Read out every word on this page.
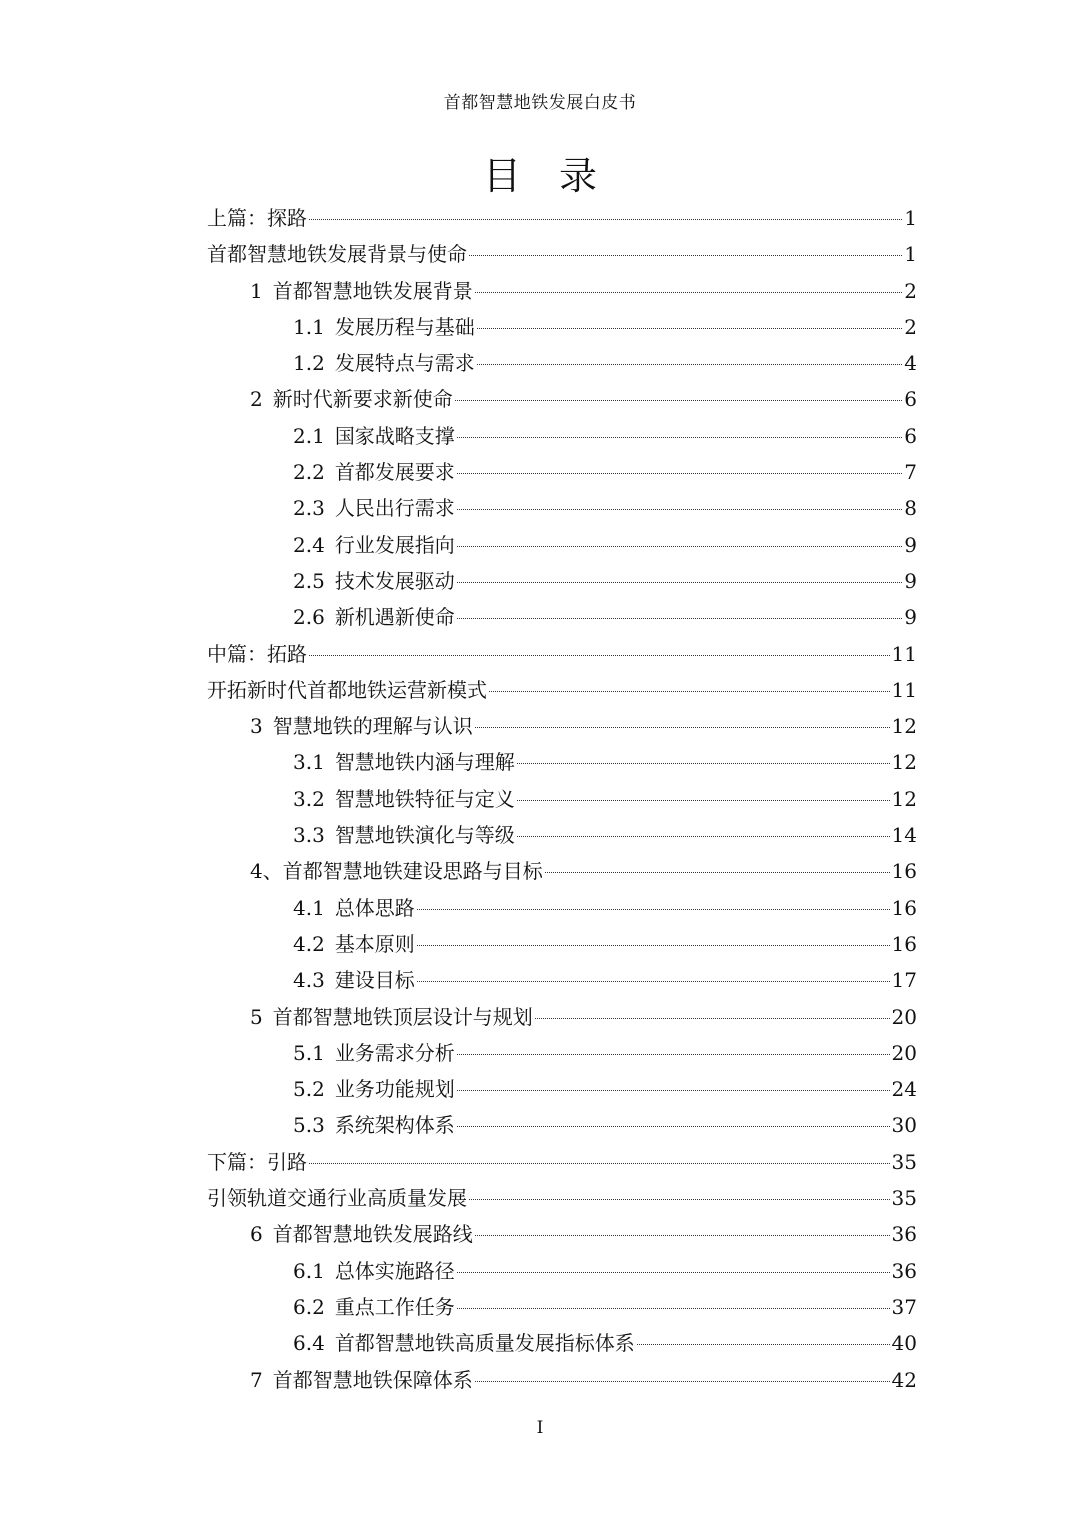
首都智慧地铁发展白皮书
目　录
上篇：探路	1
首都智慧地铁发展背景与使命	1
1 首都智慧地铁发展背景	2
1.1 发展历程与基础	2
1.2 发展特点与需求	4
2 新时代新要求新使命	6
2.1 国家战略支撑	6
2.2 首都发展要求	7
2.3 人民出行需求	8
2.4 行业发展指向	9
2.5 技术发展驱动	9
2.6 新机遇新使命	9
中篇：拓路	11
开拓新时代首都地铁运营新模式	11
3 智慧地铁的理解与认识	12
3.1 智慧地铁内涵与理解	12
3.2 智慧地铁特征与定义	12
3.3 智慧地铁演化与等级	14
4、首都智慧地铁建设思路与目标	16
4.1 总体思路	16
4.2 基本原则	16
4.3 建设目标	17
5 首都智慧地铁顶层设计与规划	20
5.1 业务需求分析	20
5.2 业务功能规划	24
5.3 系统架构体系	30
下篇：引路	35
引领轨道交通行业高质量发展	35
6 首都智慧地铁发展路线	36
6.1 总体实施路径	36
6.2 重点工作任务	37
6.4 首都智慧地铁高质量发展指标体系	40
7 首都智慧地铁保障体系	42
I
